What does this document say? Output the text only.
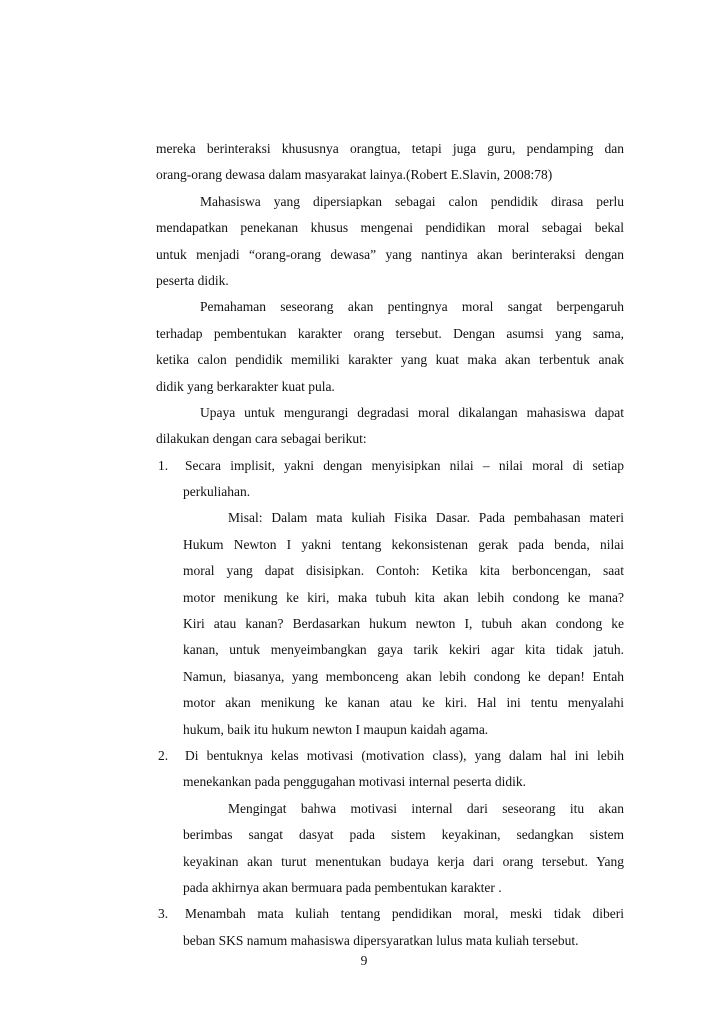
mereka berinteraksi khususnya orangtua, tetapi juga guru, pendamping dan
orang-orang dewasa dalam masyarakat lainya.(Robert E.Slavin, 2008:78)
Mahasiswa yang dipersiapkan sebagai calon pendidik dirasa perlu
mendapatkan penekanan khusus mengenai pendidikan moral sebagai bekal
untuk menjadi “orang-orang dewasa” yang nantinya akan berinteraksi dengan
peserta didik.
Pemahaman seseorang akan pentingnya moral sangat berpengaruh
terhadap pembentukan karakter orang tersebut. Dengan asumsi yang sama,
ketika calon pendidik memiliki karakter yang kuat maka akan terbentuk anak
didik yang berkarakter kuat pula.
Upaya untuk mengurangi degradasi moral dikalangan mahasiswa dapat
dilakukan dengan cara sebagai berikut:
1. Secara implisit, yakni dengan menyisipkan nilai – nilai moral di setiap
perkuliahan.
Misal: Dalam mata kuliah Fisika Dasar. Pada pembahasan materi
Hukum Newton I yakni tentang kekonsistenan gerak pada benda, nilai
moral yang dapat disisipkan. Contoh: Ketika kita berboncengan, saat
motor menikung ke kiri, maka tubuh kita akan lebih condong ke mana?
Kiri atau kanan? Berdasarkan hukum newton I, tubuh akan condong ke
kanan, untuk menyeimbangkan gaya tarik kekiri agar kita tidak jatuh.
Namun, biasanya, yang membonceng akan lebih condong ke depan! Entah
motor akan menikung ke kanan atau ke kiri. Hal ini tentu menyalahi
hukum, baik itu hukum newton I maupun kaidah agama.
2. Di bentuknya kelas motivasi (motivation class), yang dalam hal ini lebih
menekankan pada penggugahan motivasi internal peserta didik.
Mengingat bahwa motivasi internal dari seseorang itu akan
berimbas sangat dasyat pada sistem keyakinan, sedangkan sistem
keyakinan akan turut menentukan budaya kerja dari orang tersebut. Yang
pada akhirnya akan bermuara pada pembentukan karakter .
3. Menambah mata kuliah tentang pendidikan moral, meski tidak diberi
beban SKS namum mahasiswa dipersyaratkan lulus mata kuliah tersebut.
9
